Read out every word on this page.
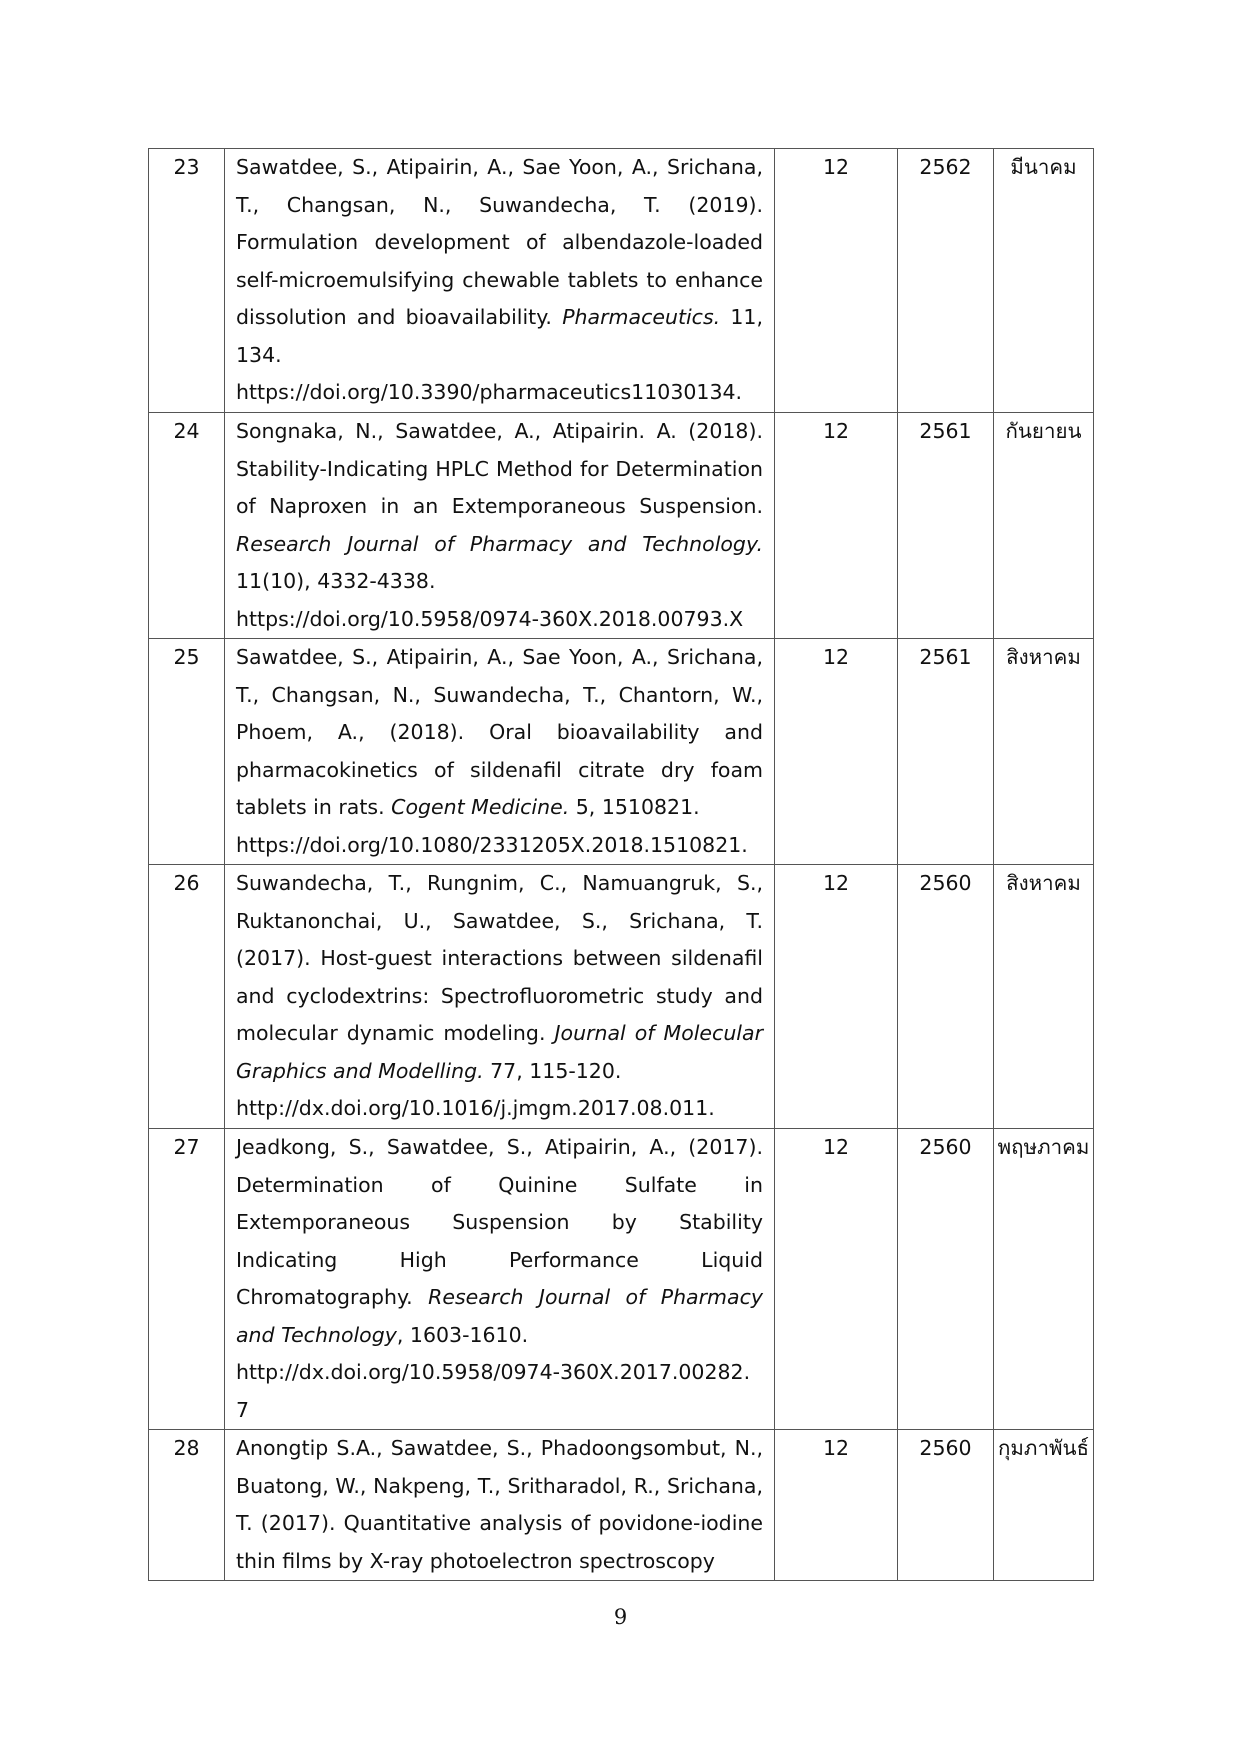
23	Sawatdee, S., Atipairin, A., Sae Yoon, A., Srichana, T., Changsan, N., Suwandecha, T. (2019). Formulation development of albendazole-loaded self-microemulsifying chewable tablets to enhance dissolution and bioavailability. Pharmaceutics. 11, 134.
https://doi.org/10.3390/pharmaceutics11030134.	12	2562	มีนาคม
24	Songnaka, N., Sawatdee, A., Atipairin. A. (2018). Stability-Indicating HPLC Method for Determination of Naproxen in an Extemporaneous Suspension. Research Journal of Pharmacy and Technology. 11(10), 4332-4338.
https://doi.org/10.5958/0974-360X.2018.00793.X	12	2561	กันยายน
25	Sawatdee, S., Atipairin, A., Sae Yoon, A., Srichana, T., Changsan, N., Suwandecha, T., Chantorn, W., Phoem, A., (2018). Oral bioavailability and pharmacokinetics of sildenafil citrate dry foam tablets in rats. Cogent Medicine. 5, 1510821.
https://doi.org/10.1080/2331205X.2018.1510821.	12	2561	สิงหาคม
26	Suwandecha, T., Rungnim, C., Namuangruk, S., Ruktanonchai, U., Sawatdee, S., Srichana, T. (2017). Host-guest interactions between sildenafil and cyclodextrins: Spectrofluorometric study and molecular dynamic modeling. Journal of Molecular Graphics and Modelling. 77, 115-120.
http://dx.doi.org/10.1016/j.jmgm.2017.08.011.	12	2560	สิงหาคม
27	Jeadkong, S., Sawatdee, S., Atipairin, A., (2017). Determination of Quinine Sulfate in Extemporaneous Suspension by Stability Indicating High Performance Liquid Chromatography. Research Journal of Pharmacy and Technology, 1603-1610.
http://dx.doi.org/10.5958/0974-360X.2017.00282.7	12	2560	พฤษภาคม
28	Anongtip S.A., Sawatdee, S., Phadoongsombut, N., Buatong, W., Nakpeng, T., Sritharadol, R., Srichana, T. (2017). Quantitative analysis of povidone-iodine thin films by X-ray photoelectron spectroscopy	12	2560	กุมภาพันธ์
9
